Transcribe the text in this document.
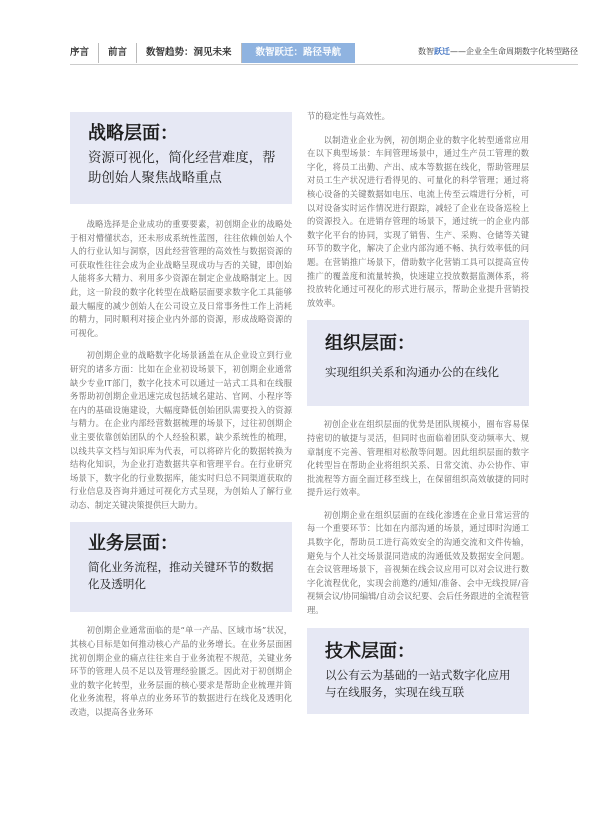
序言	前言	数智趋势：洞见未来	数智跃迁：路径导航	数智跃迁——企业全生命周期数字化转型路径
战略层面：
资源可视化，简化经营难度，帮助创始人聚焦战略重点

战略选择是企业成功的重要要素，初创期企业的战略处于相对懵懂状态，还未形成系统性蓝图，往往依赖创始人个人的行业认知与洞察，因此经营管理的高效性与数据资源的可获取性往往会成为企业战略呈现成功与否的关键，即创始人能将多大精力、利用多少资源在制定企业战略制定上。因此，这一阶段的数字化转型在战略层面要求数字化工具能够最大幅度的减少创始人在公司设立及日常事务性工作上消耗的精力，同时顺利对接企业内外部的资源，形成战略资源的可视化。

初创期企业的战略数字化场景涵盖在从企业设立到行业研究的诸多方面：比如在企业初设场景下，初创期企业通常缺少专业IT部门，数字化技术可以通过一站式工具和在线服务帮助初创期企业迅速完成包括域名建站、官网、小程序等在内的基础设施建设，大幅度降低创始团队需要投入的资源与精力。在企业内部经营数据梳理的场景下，过往初创期企业主要依靠创始团队的个人经验积累，缺少系统性的梳理，以线共享文档与知识库为代表，可以将碎片化的数据转换为结构化知识，为企业打造数据共享和管理平台。在行业研究场景下，数字化的行业数据库，能实时归总不同渠道获取的行业信息及咨询并通过可视化方式呈现，为创始人了解行业动态、制定关键决策提供巨大助力。

业务层面：
简化业务流程，推动关键环节的数据化及透明化

初创期企业通常面临的是“单一产品、区域市场”状况，其核心目标是如何推动核心产品的业务增长。在业务层面困扰初创期企业的痛点往往来自于业务流程不规范，关键业务环节的管理人员不足以及管理经验匮乏。因此对于初创期企业的数字化转型，业务层面的核心要求是帮助企业梳理并简化业务流程，将单点的业务环节的数据进行在线化及透明化改造，以提高各业务环

节的稳定性与高效性。

以制造业企业为例，初创期企业的数字化转型通常应用在以下典型场景：车间管理场景中，通过生产员工管理的数字化，将员工出勤、产出、成本等数据在线化，帮助管理层对员工生产状况进行看得见的、可量化的科学管理；通过将核心设备的关键数据如电压、电流上传至云端进行分析，可以对设备实时运作情况进行跟踪，减轻了企业在设备巡检上的资源投入。在进销存管理的场景下，通过统一的企业内部数字化平台的协同，实现了销售、生产、采购、仓储等关键环节的数字化，解决了企业内部沟通不畅、执行效率低的问题。在营销推广场景下，借助数字化营销工具可以提高宣传推广的覆盖度和流量转换，快速建立投放数据监测体系，将投放转化通过可视化的形式进行展示，帮助企业提升营销投放效率。

组织层面：
实现组织关系和沟通办公的在线化

初创企业在组织层面的优势是团队规模小，圈布容易保持密切的敏捷与灵活，但同时也面临着团队变动频率大、规章制度不完善、管理相对松散等问题。因此组织层面的数字化转型旨在帮助企业将组织关系、日常交流、办公协作、审批流程等方面全面迁移至线上，在保留组织高效敏捷的同时提升运行效率。

初创期企业在组织层面的在线化渗透在企业日常运营的每一个重要环节：比如在内部沟通的场景，通过即时沟通工具数字化，帮助员工进行高效安全的沟通交流和文件传输，避免与个人社交场景混同造成的沟通低效及数据安全问题。在会议管理场景下，音视频在线会议应用可以对会议进行数字化流程优化，实现会前邀约/通知/准备、会中无线投屏/音视频会议/协同编辑/自动会议纪要、会后任务跟进的全流程管理。

技术层面：
以公有云为基础的一站式数字化应用与在线服务，实现在线互联
